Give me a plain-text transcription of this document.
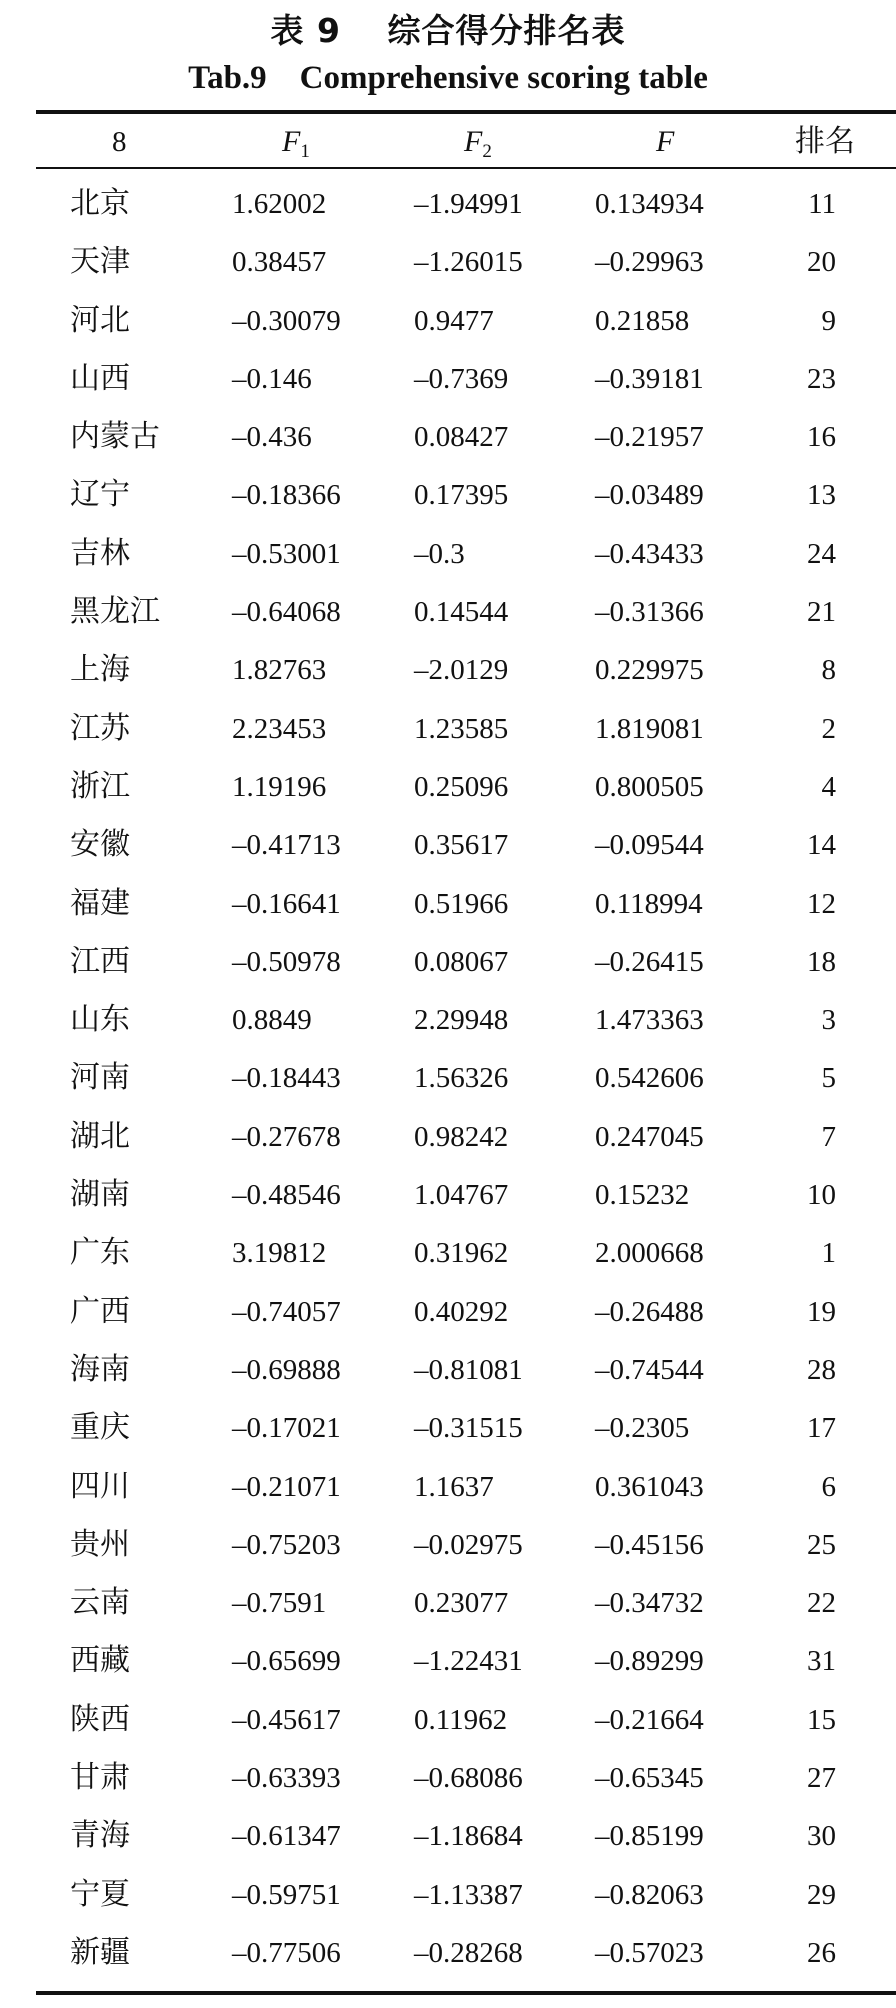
表 9　 综合得分排名表
Tab.9    Comprehensive scoring table
8	$F_1$	$F_2$	F	排名
北京	1.62002	–1.94991 0.134934	11
天津	0.38457	–1.26015 –0.29963	20
河北	–0.30079	0.9477	0.21858	9
山西	–0.146	–0.7369	–0.39181	23
内蒙古 –0.436	0.08427	–0.21957	16
辽宁	–0.18366	0.17395	–0.03489	13
吉林	–0.53001	–0.3	–0.43433	24
黑龙江 –0.64068	0.14544	–0.31366	21
上海	1.82763	–2.0129	0.229975	8
江苏	2.23453	1.23585	1.819081	2
浙江	1.19196	0.25096	0.800505	4
安徽	–0.41713	0.35617	–0.09544	14
福建	–0.16641	0.51966	0.118994	12
江西	–0.50978	0.08067	–0.26415	18
山东	0.8849	2.29948	1.473363	3
河南	–0.18443	1.56326	0.542606	5
湖北	–0.27678	0.98242	0.247045	7
湖南	–0.48546	1.04767	0.15232	10
广东	3.19812	0.31962	2.000668	1
广西	–0.74057	0.40292	–0.26488	19
海南	–0.69888	–0.81081 –0.74544	28
重庆	–0.17021	–0.31515 –0.2305	17
四川	–0.21071	1.1637	0.361043	6
贵州	–0.75203	–0.02975 –0.45156	25
云南	–0.7591	0.23077	–0.34732	22
西藏	–0.65699	–1.22431 –0.89299	31
陕西	–0.45617	0.11962	–0.21664	15
甘肃	–0.63393	–0.68086 –0.65345	27
青海	–0.61347	–1.18684 –0.85199	30
宁夏	–0.59751	–1.13387 –0.82063	29
新疆	–0.77506	–0.28268 –0.57023	26
